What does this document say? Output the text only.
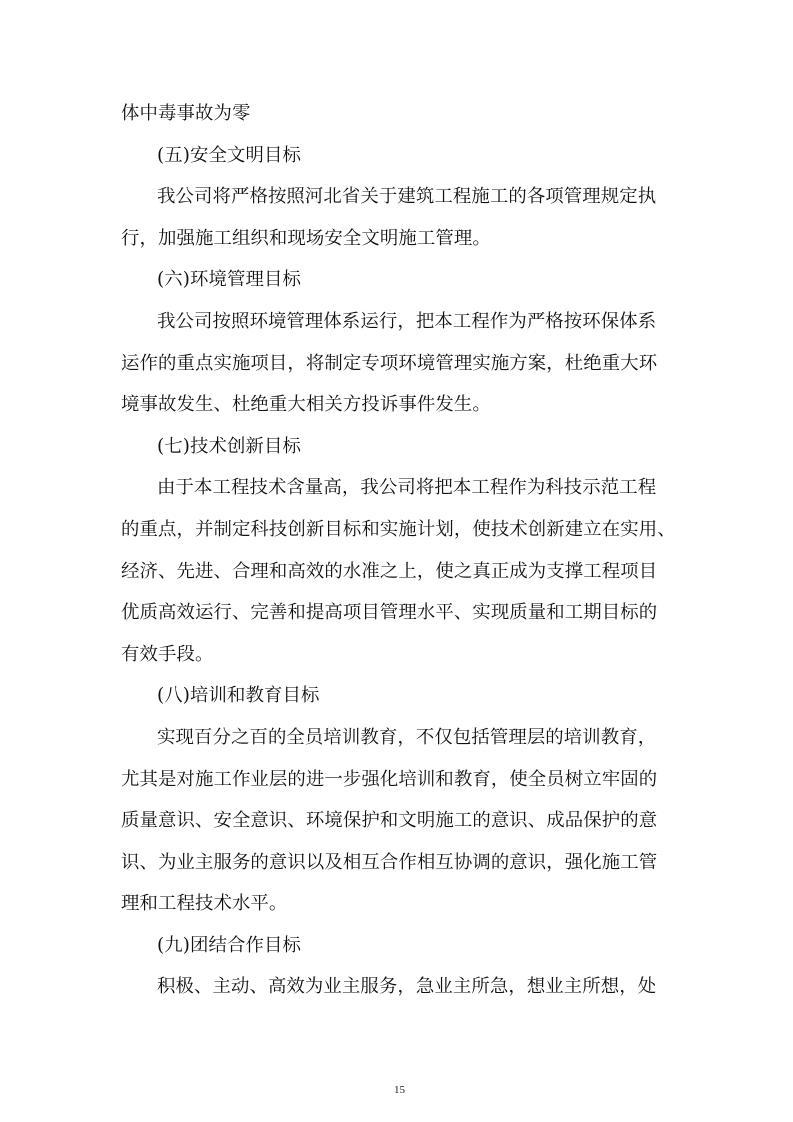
体中毒事故为零
(五)安全文明目标
我公司将严格按照河北省关于建筑工程施工的各项管理规定执
行，加强施工组织和现场安全文明施工管理。
(六)环境管理目标
我公司按照环境管理体系运行，把本工程作为严格按环保体系
运作的重点实施项目，将制定专项环境管理实施方案，杜绝重大环
境事故发生、杜绝重大相关方投诉事件发生。
(七)技术创新目标
由于本工程技术含量高，我公司将把本工程作为科技示范工程
的重点，并制定科技创新目标和实施计划，使技术创新建立在实用、
经济、先进、合理和高效的水准之上，使之真正成为支撑工程项目
优质高效运行、完善和提高项目管理水平、实现质量和工期目标的
有效手段。
(八)培训和教育目标
实现百分之百的全员培训教育，不仅包括管理层的培训教育，
尤其是对施工作业层的进一步强化培训和教育，使全员树立牢固的
质量意识、安全意识、环境保护和文明施工的意识、成品保护的意
识、为业主服务的意识以及相互合作相互协调的意识，强化施工管
理和工程技术水平。
(九)团结合作目标
积极、主动、高效为业主服务，急业主所急，想业主所想，处
15
